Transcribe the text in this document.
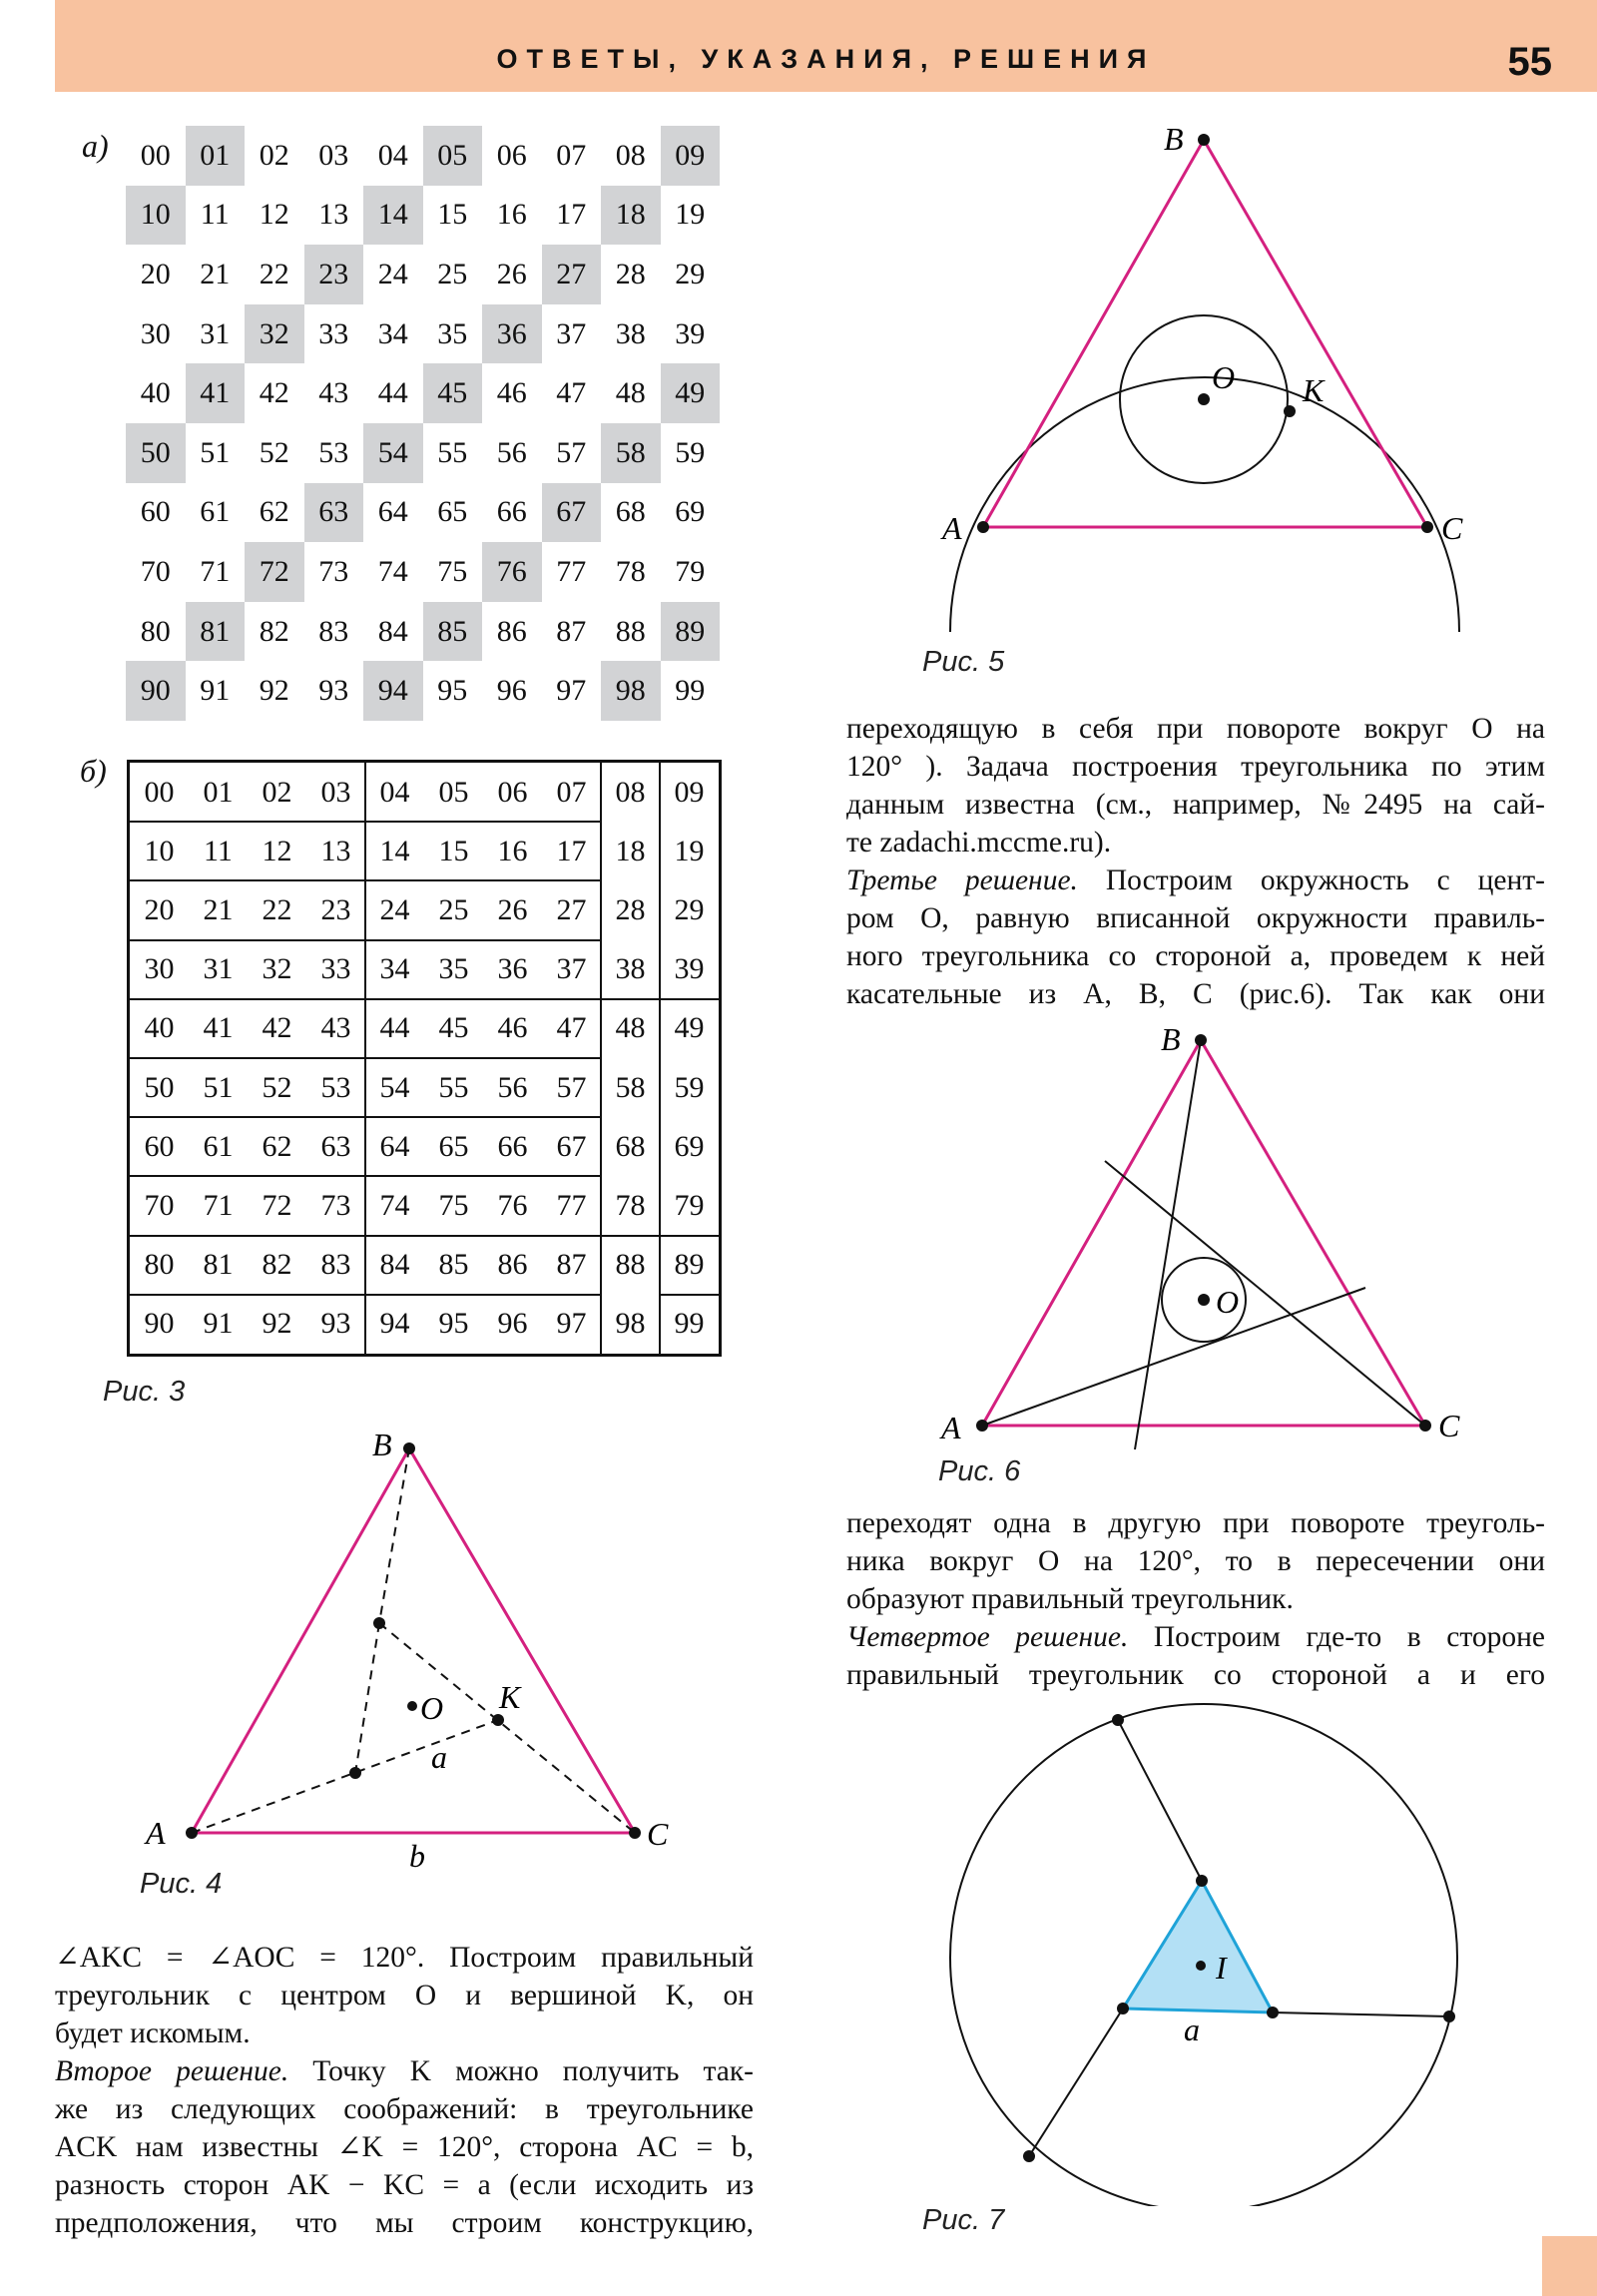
ОТВЕТЫ, УКАЗАНИЯ, РЕШЕНИЯ	55
а)	00 01 02 03 04 05 06 07 08 09
10	11	12 13 14 15 16 17 18 19
20 21 22 23 24 25 26 27 28 29
30 31 32 33 34 35 36 37 38 39
40 41 42 43 44 45 46 47 48 49
50 51 52 53 54 55 56 57 58 59
60 61 62 63 64 65 66 67 68 69
70 71 72 73 74 75 76 77 78 79
80 81 82 83 84 85 86 87 88 89
90 91 92 93 94 95 96 97 98 99
б)
00 01 02 03 04 05 06 07 08 09
10 11 12 13 14 15 16 17 18 19
20 21 22 23 24 25 26 27 28 29
30 31 32 33 34 35 36 37 38 39
40 41 42 43 44 45 46 47 48 49
50 51 52 53 54 55 56 57 58 59
60 61 62 63 64 65 66 67 68 69
70 71 72 73 74 75 76 77 78 79
80 81 82 83 84 85 86 87 88 89
90 91 92 93 94 95 96 97 98 99
Рис. 3
A
B
C
O K
a
b
Рис. 4
∠AKC = ∠AOC = 120°. Построим правильный
треугольник с центром O и вершиной K, он
будет искомым.
Второе решение. Точку K можно получить так-
же из следующих соображений: в треугольнике
ACK нам известны ∠K = 120°, сторона AC = b,
разность сторон AK − KC = a (если исходить из
предположения, что мы строим конструкцию,
A
B
C
O K
Рис. 5
переходящую в себя при повороте вокруг O на
120° ). Задача построения треугольника по этим
данным известна (см., например, №2495 на сай-
те zadachi.mccme.ru).
Третье решение. Построим окружность с цент-
ром O, равную вписанной окружности правиль-
ного треугольника со стороной a, проведем к ней
касательные из A, B, C (рис.6). Так как они
A
B
C
O
Рис. 6
переходят одна в другую при повороте треуголь-
ника вокруг O на 120°, то в пересечении они
образуют правильный треугольник.
Четвертое решение. Построим где-то в стороне
правильный треугольник со стороной a и его
I
a
Рис. 7
